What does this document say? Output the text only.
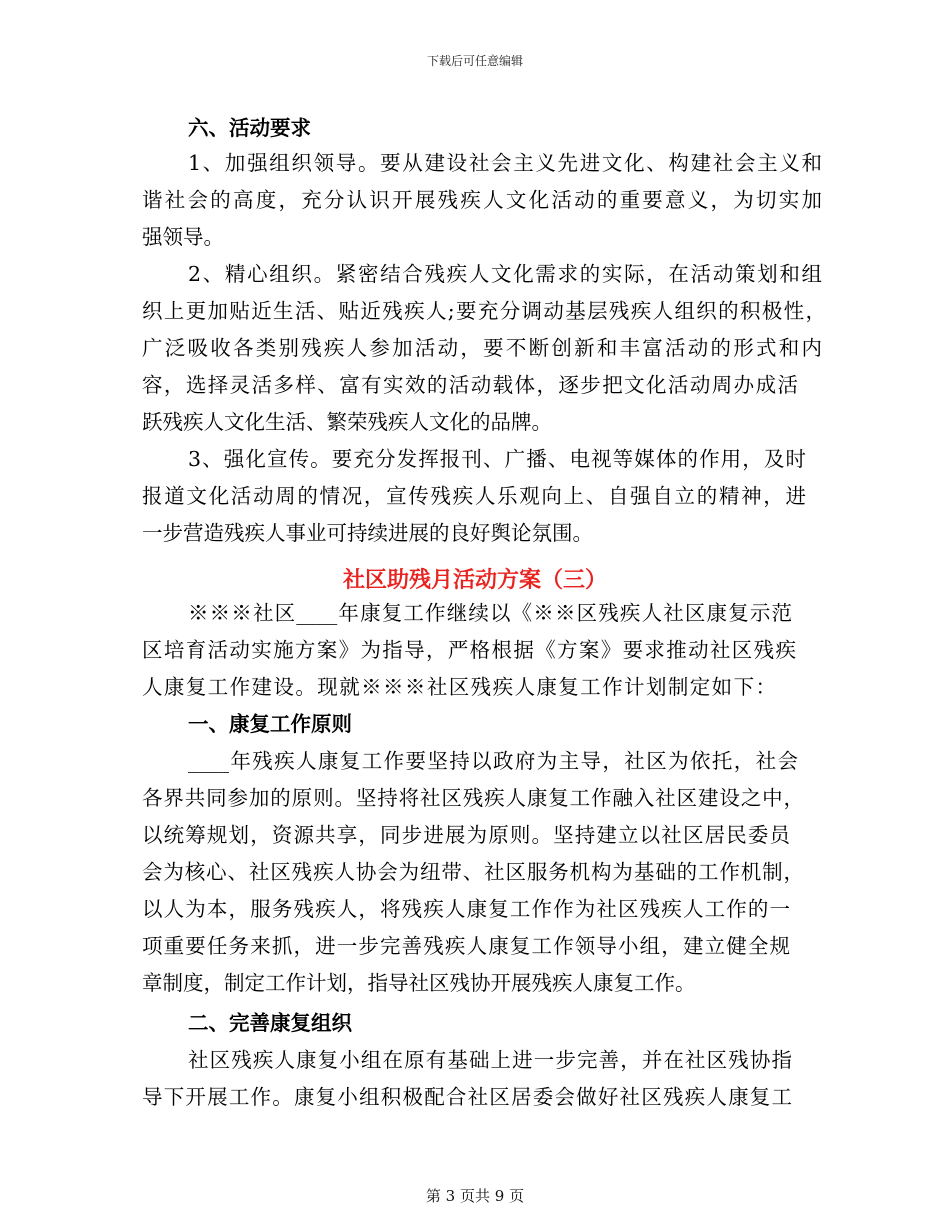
下载后可任意编辑
六、活动要求
1、加强组织领导。要从建设社会主义先进文化、构建社会主义和
谐社会的高度，充分认识开展残疾人文化活动的重要意义，为切实加
强领导。
2、精心组织。紧密结合残疾人文化需求的实际，在活动策划和组
织上更加贴近生活、贴近残疾人;要充分调动基层残疾人组织的积极性，
广泛吸收各类别残疾人参加活动，要不断创新和丰富活动的形式和内
容，选择灵活多样、富有实效的活动载体，逐步把文化活动周办成活
跃残疾人文化生活、繁荣残疾人文化的品牌。
3、强化宣传。要充分发挥报刊、广播、电视等媒体的作用，及时
报道文化活动周的情况，宣传残疾人乐观向上、自强自立的精神，进
一步营造残疾人事业可持续进展的良好舆论氛围。
社区助残月活动方案（三）
※※※社区____年康复工作继续以《※※区残疾人社区康复示范
区培育活动实施方案》为指导，严格根据《方案》要求推动社区残疾
人康复工作建设。现就※※※社区残疾人康复工作计划制定如下：
一、康复工作原则
____年残疾人康复工作要坚持以政府为主导，社区为依托，社会
各界共同参加的原则。坚持将社区残疾人康复工作融入社区建设之中，
以统筹规划，资源共享，同步进展为原则。坚持建立以社区居民委员
会为核心、社区残疾人协会为纽带、社区服务机构为基础的工作机制，
以人为本，服务残疾人，将残疾人康复工作作为社区残疾人工作的一
项重要任务来抓，进一步完善残疾人康复工作领导小组，建立健全规
章制度，制定工作计划，指导社区残协开展残疾人康复工作。
二、完善康复组织
社区残疾人康复小组在原有基础上进一步完善，并在社区残协指
导下开展工作。康复小组积极配合社区居委会做好社区残疾人康复工
第 3 页共 9 页
